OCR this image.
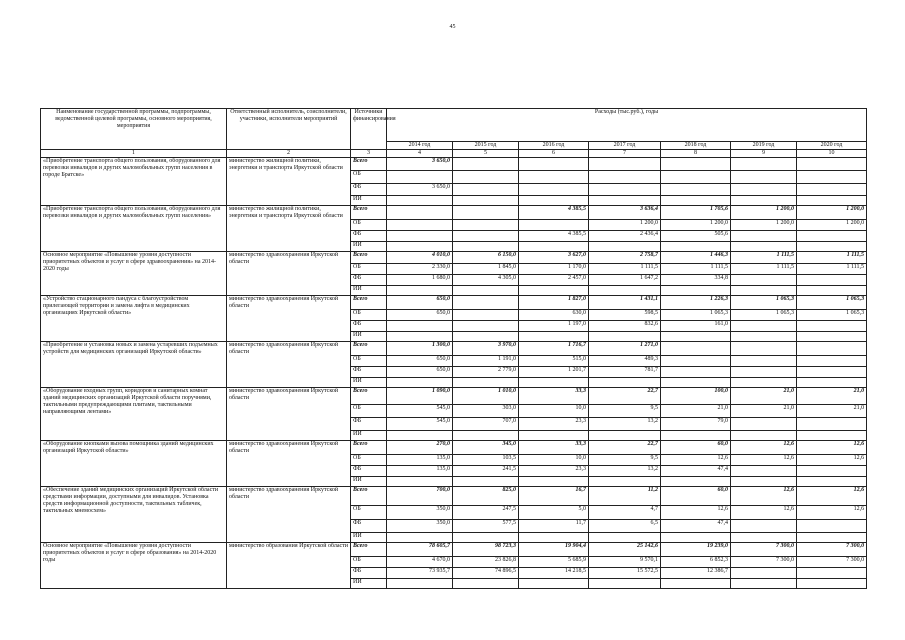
45
Наименование государственной программы, подпрограммы, ведомственной целевой программы, основного мероприятия, мероприятия	Ответственный исполнитель, соисполнители, участники, исполнители мероприятий	Источники финансирования	Расходы (тыс.руб.), годы						
			2014 год	2015 год	2016 год	2017 год	2018 год	2019 год	2020 год
1	2	3	4	5	6	7	8	9	10
«Приобретение транспорта общего пользования, оборудованного для перевозки инвалидов и других маломобильных групп населения в городе Братске»	министерство жилищной политики, энергетики и транспорта Иркутской области	Всего	3 650,0						
		ОБ							
		ФБ	3 650,0						
		ИИ							
«Приобретение транспорта общего пользования, оборудованного для перевозки инвалидов и других маломобильных групп населения»	министерство жилищной политики, энергетики и транспорта Иркутской области	Всего			4 385,5	3 636,4	1 705,6	1 200,0	1 200,0
		ОБ				1 200,0	1 200,0	1 200,0	1 200,0
		ФБ			4 385,5	2 436,4	505,6		
		ИИ							
Основное мероприятие «Повышение уровня доступности приоритетных объектов и услуг в сфере здравоохранения» на 2014-2020 годы	министерство здравоохранения Иркутской области	Всего	4 010,0	6 150,0	3 627,0	2 758,7	1 446,3	1 111,5	1 111,5
		ОБ	2 330,0	1 845,0	1 170,0	1 111,5	1 111,5	1 111,5	1 111,5
		ФБ	1 680,0	4 305,0	2 457,0	1 647,2	334,8		
		ИИ							
«Устройство стационарного пандуса с благоустройством прилегающей территории и замена лифта в медицинских организациях Иркутской области»	министерство здравоохранения Иркутской области	Всего	650,0		1 827,0	1 431,1	1 226,3	1 065,3	1 065,3
		ОБ	650,0		630,0	598,5	1 065,3	1 065,3	1 065,3
		ФБ			1 197,0	832,6	161,0		
		ИИ							
«Приобретение и установка новых и замена устаревших подъемных устройств для медицинских организаций Иркутской области»	министерство здравоохранения Иркутской области	Всего	1 300,0	3 970,0	1 716,7	1 271,0			
		ОБ	650,0	1 191,0	515,0	489,3			
		ФБ	650,0	2 779,0	1 201,7	781,7			
		ИИ							
«Оборудование входных групп, коридоров и санитарных комнат зданий медицинских организаций Иркутской области поручнями, тактильными предупреждающими плитами, тактильными направляющими лентами»	министерство здравоохранения Иркутской области	Всего	1 090,0	1 010,0	33,3	22,7	100,0	21,0	21,0
		ОБ	545,0	303,0	10,0	9,5	21,0	21,0	21,0
		ФБ	545,0	707,0	23,3	13,2	79,0		
		ИИ							
«Оборудование кнопками вызова помощника зданий медицинских организаций Иркутской области»	министерство здравоохранения Иркутской области	Всего	270,0	345,0	33,3	22,7	60,0	12,6	12,6
		ОБ	135,0	103,5	10,0	9,5	12,6	12,6	12,6
		ФБ	135,0	241,5	23,3	13,2	47,4		
		ИИ							
«Обеспечение зданий медицинских организаций Иркутской области средствами информации, доступными для инвалидов. Установка средств информационной доступности, тактильных табличек, тактильных мнемосхем»	министерство здравоохранения Иркутской области	Всего	700,0	825,0	16,7	11,2	60,0	12,6	12,6
		ОБ	350,0	247,5	5,0	4,7	12,6	12,6	12,6
		ФБ	350,0	577,5	11,7	6,5	47,4		
		ИИ							
Основное мероприятие «Повышение уровня доступности приоритетных объектов и услуг в сфере образования» на 2014-2020 годы	министерство образования Иркутской области	Всего	78 605,7	98 723,3	19 904,4	25 142,6	19 239,0	7 300,0	7 300,0
		ОБ	4 670,0	23 826,8	5 685,9	9 570,1	6 852,3	7 300,0	7 300,0
		ФБ	73 935,7	74 896,5	14 218,5	15 572,5	12 386,7		
		ИИ							
